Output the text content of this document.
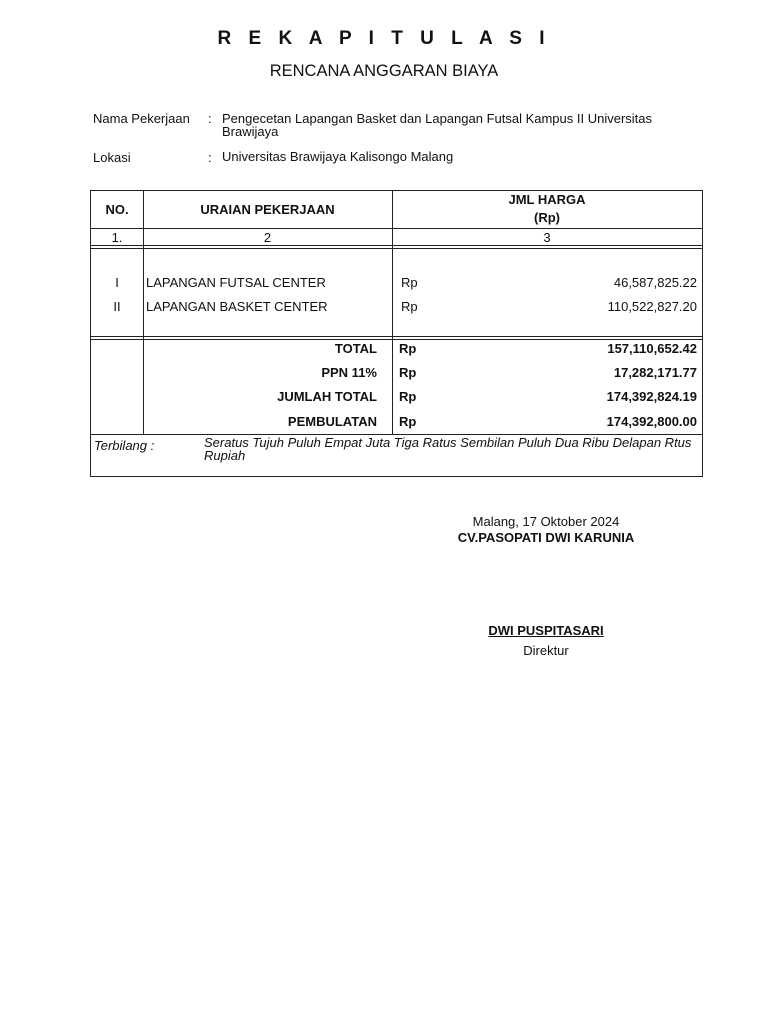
R E K A P I T U L A S I
RENCANA ANGGARAN BIAYA
Nama Pekerjaan : Pengecetan Lapangan Basket dan Lapangan Futsal Kampus II Universitas Brawijaya
Lokasi	: Universitas Brawijaya Kalisongo Malang
NO.	URAIAN PEKERJAAN
JML HARGA
(Rp)
1.	2	3
I	LAPANGAN FUTSAL CENTER	Rp	46,587,825.22
II	LAPANGAN BASKET CENTER	Rp	110,522,827.20
TOTAL Rp	157,110,652.42
PPN 11% Rp	17,282,171.77
JUMLAH TOTAL Rp	174,392,824.19
PEMBULATAN Rp	174,392,800.00
Terbilang :	Seratus Tujuh Puluh Empat Juta Tiga Ratus Sembilan Puluh Dua Ribu Delapan Rtus Rupiah
Malang, 17 Oktober 2024
CV.PASOPATI DWI KARUNIA
DWI PUSPITASARI
Direktur
